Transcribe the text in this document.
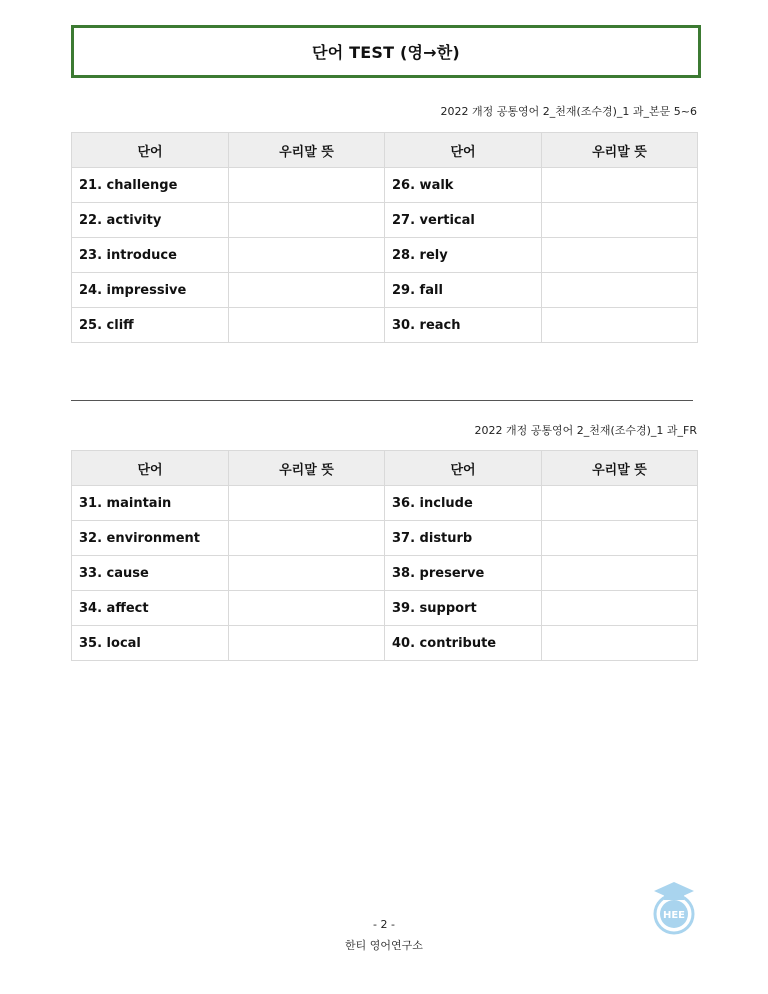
단어 TEST (영→한)
2022 개정 공통영어 2_천재(조수경)_1 과_본문 5~6
단어	우리말 뜻	단어	우리말 뜻
21. challenge		26. walk	
22. activity		27. vertical	
23. introduce		28. rely	
24. impressive		29. fall	
25. cliff		30. reach	
2022 개정 공통영어 2_천재(조수경)_1 과_FR
단어	우리말 뜻	단어	우리말 뜻
31. maintain		36. include	
32. environment		37. disturb	
33. cause		38. preserve	
34. affect		39. support	
35. local		40. contribute	
- 2 -
한티 영어연구소
HEE
